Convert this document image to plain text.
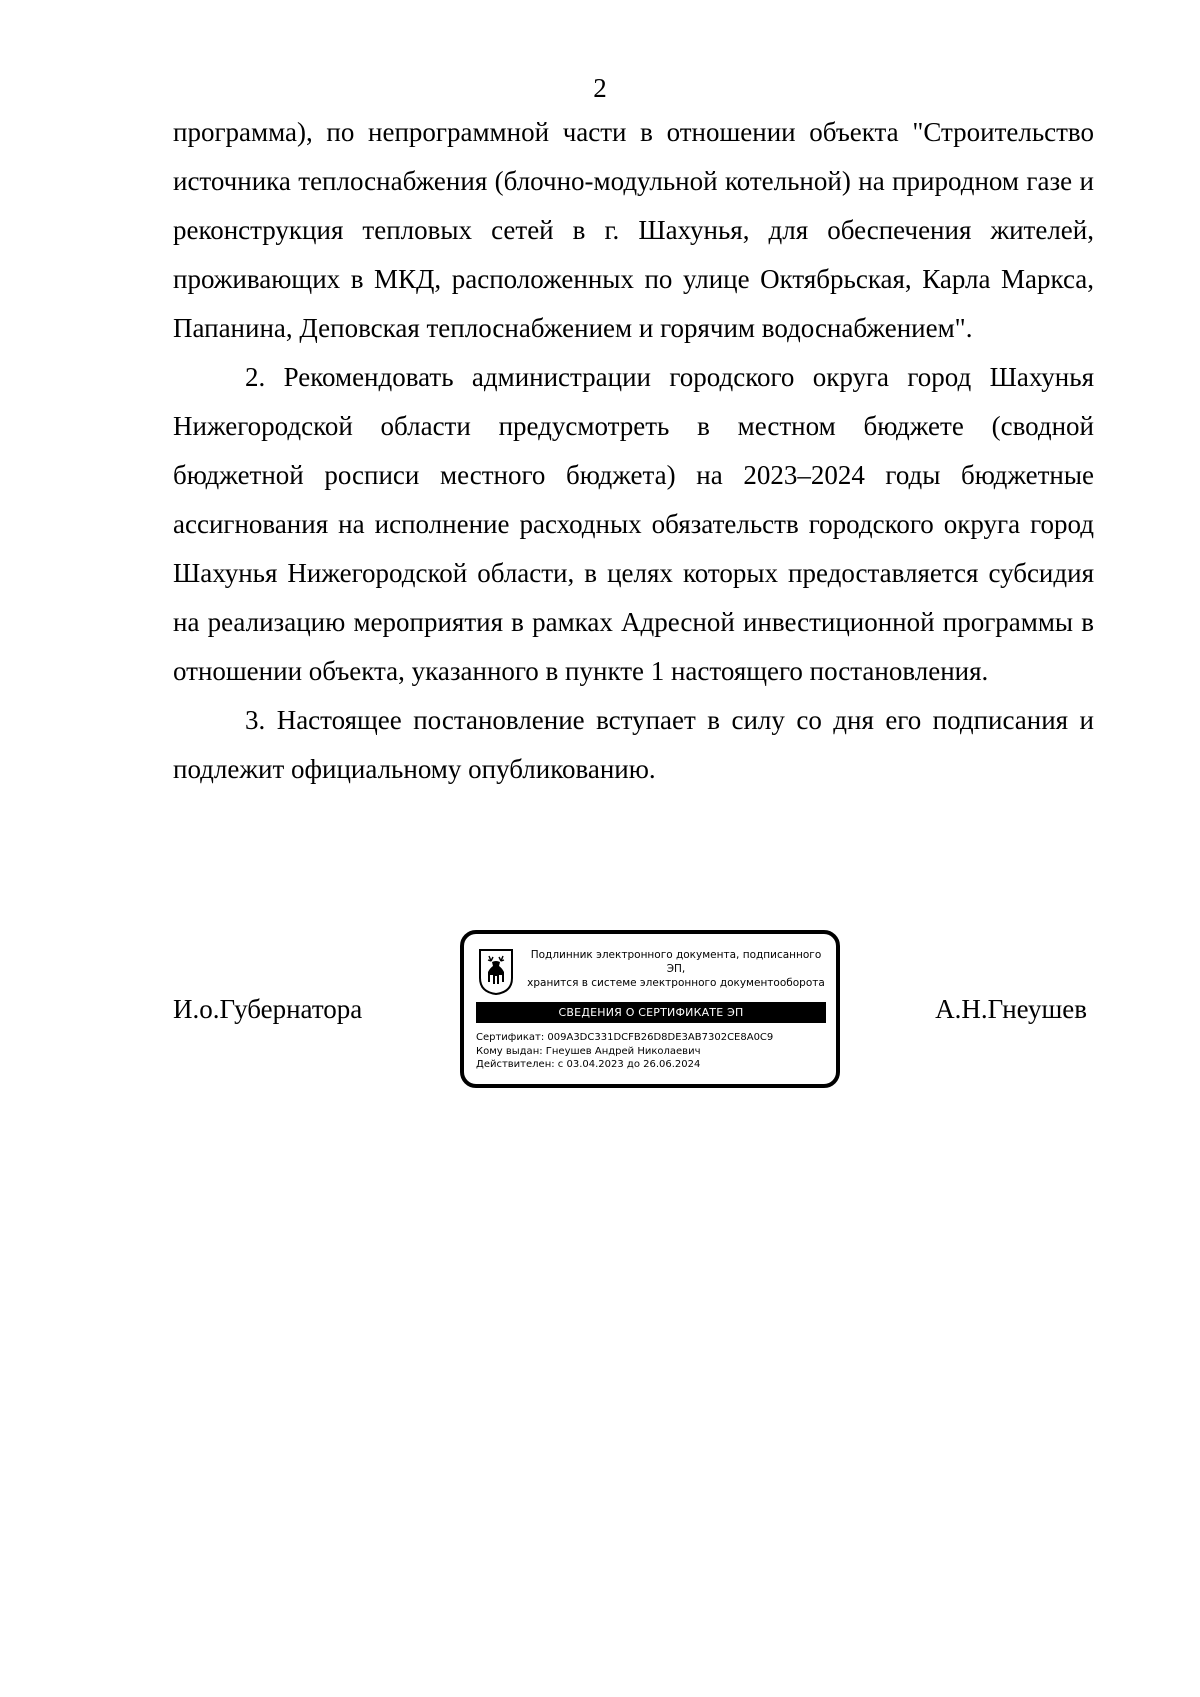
2

программа), по непрограммной части в отношении объекта "Строительство источника теплоснабжения (блочно-модульной котельной) на природном газе и реконструкция тепловых сетей в г. Шахунья, для обеспечения жителей, проживающих в МКД, расположенных по улице Октябрьская, Карла Маркса, Папанина, Деповская теплоснабжением и горячим водоснабжением".

2. Рекомендовать администрации городского округа город Шахунья Нижегородской области предусмотреть в местном бюджете (сводной бюджетной росписи местного бюджета) на 2023–2024 годы бюджетные ассигнования на исполнение расходных обязательств городского округа город Шахунья Нижегородской области, в целях которых предоставляется субсидия на реализацию мероприятия в рамках Адресной инвестиционной программы в отношении объекта, указанного в пункте 1 настоящего постановления.

3. Настоящее постановление вступает в силу со дня его подписания и подлежит официальному опубликованию.

И.о.Губернатора
Подлинник электронного документа, подписанного ЭП,
хранится в системе электронного документооборота
СВЕДЕНИЯ О СЕРТИФИКАТЕ ЭП
Сертификат: 009A3DC331DCFB26D8DE3AB7302CE8A0C9
Кому выдан: Гнеушев Андрей Николаевич
Действителен: с 03.04.2023 до 26.06.2024
А.Н.Гнеушев
